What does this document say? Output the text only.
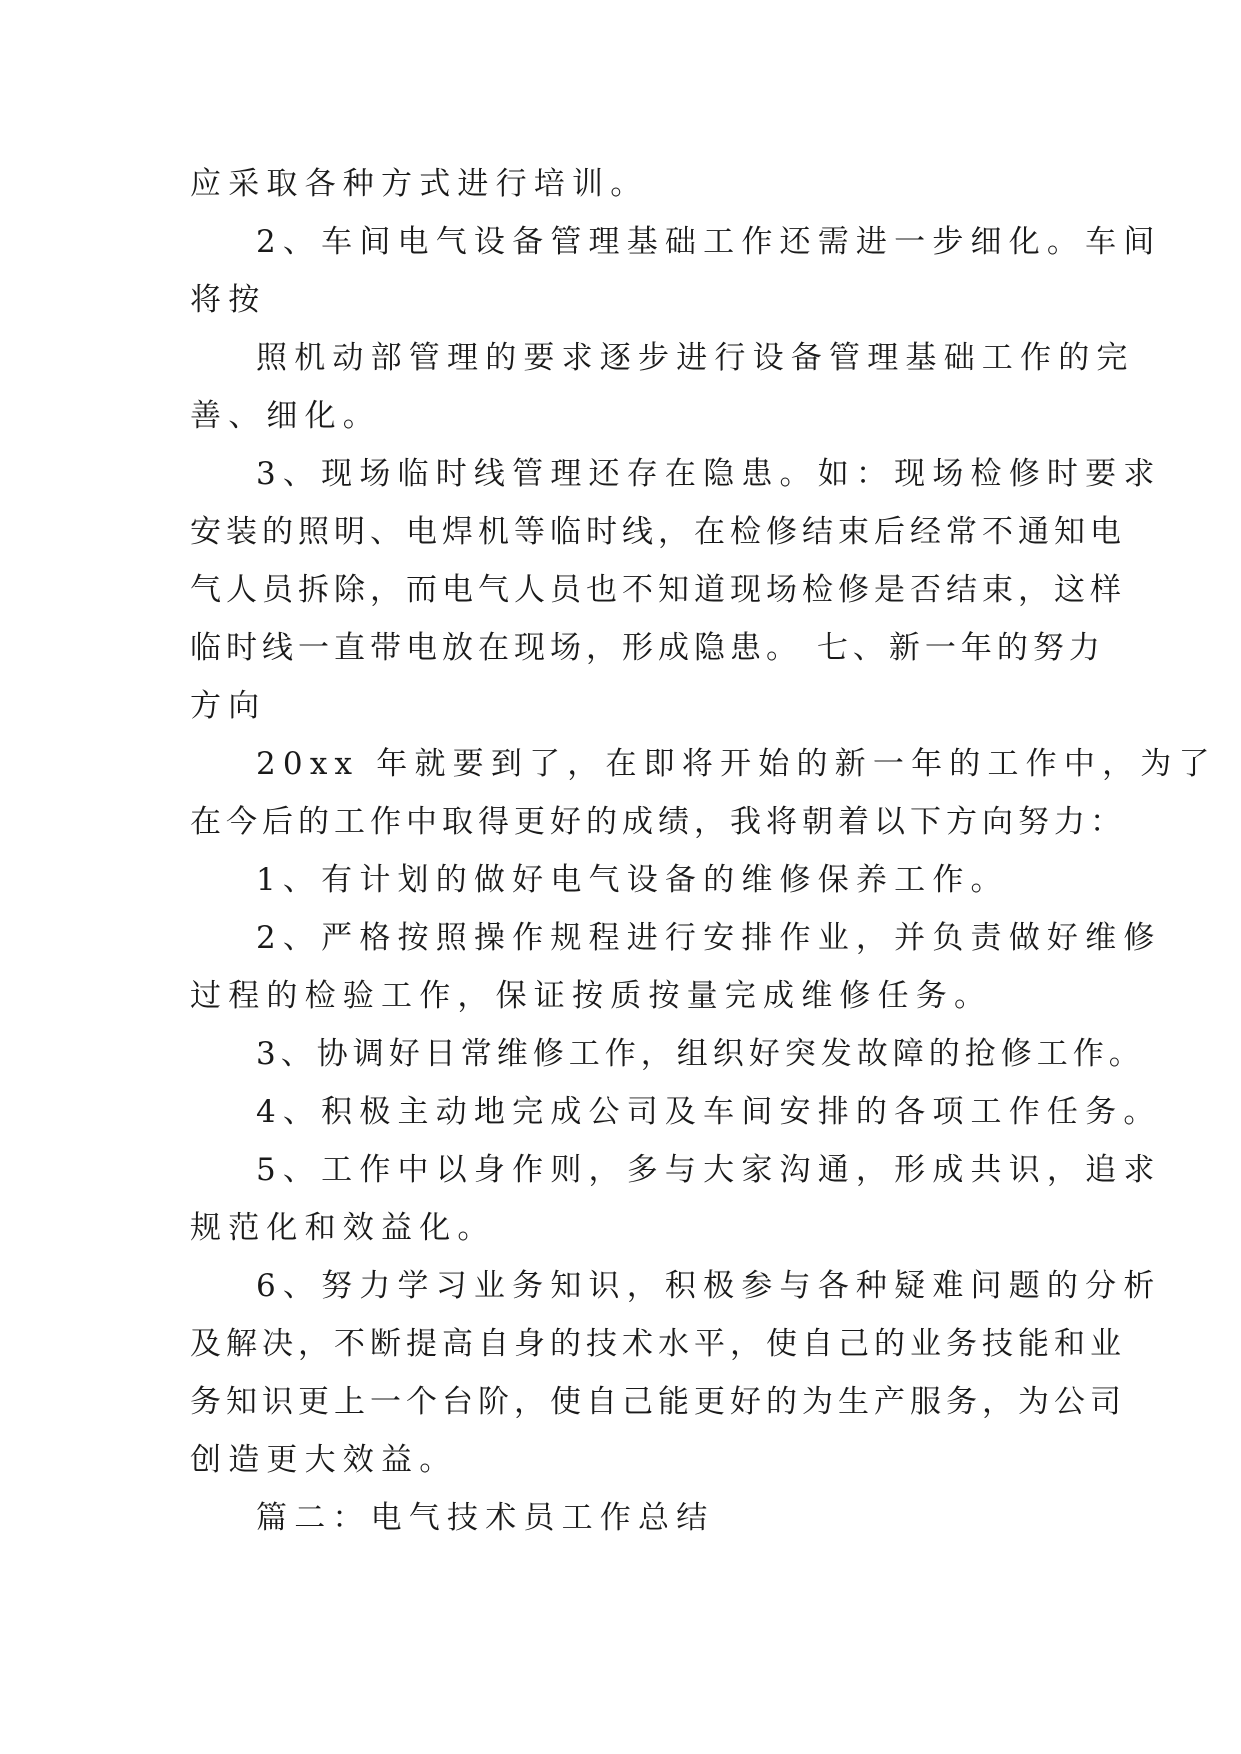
应采取各种方式进行培训。
2、车间电气设备管理基础工作还需进一步细化。车间
将按
照机动部管理的要求逐步进行设备管理基础工作的完
善、细化。
3、现场临时线管理还存在隐患。如：现场检修时要求
安装的照明、电焊机等临时线，在检修结束后经常不通知电
气人员拆除，而电气人员也不知道现场检修是否结束，这样
临时线一直带电放在现场，形成隐患。 七、新一年的努力
方向
20xx 年就要到了，在即将开始的新一年的工作中，为了
在今后的工作中取得更好的成绩，我将朝着以下方向努力：
1、有计划的做好电气设备的维修保养工作。
2、严格按照操作规程进行安排作业，并负责做好维修
过程的检验工作，保证按质按量完成维修任务。
3、协调好日常维修工作，组织好突发故障的抢修工作。
4、积极主动地完成公司及车间安排的各项工作任务。
5、工作中以身作则，多与大家沟通，形成共识，追求
规范化和效益化。
6、努力学习业务知识，积极参与各种疑难问题的分析
及解决，不断提高自身的技术水平，使自己的业务技能和业
务知识更上一个台阶，使自己能更好的为生产服务，为公司
创造更大效益。
篇二：电气技术员工作总结
